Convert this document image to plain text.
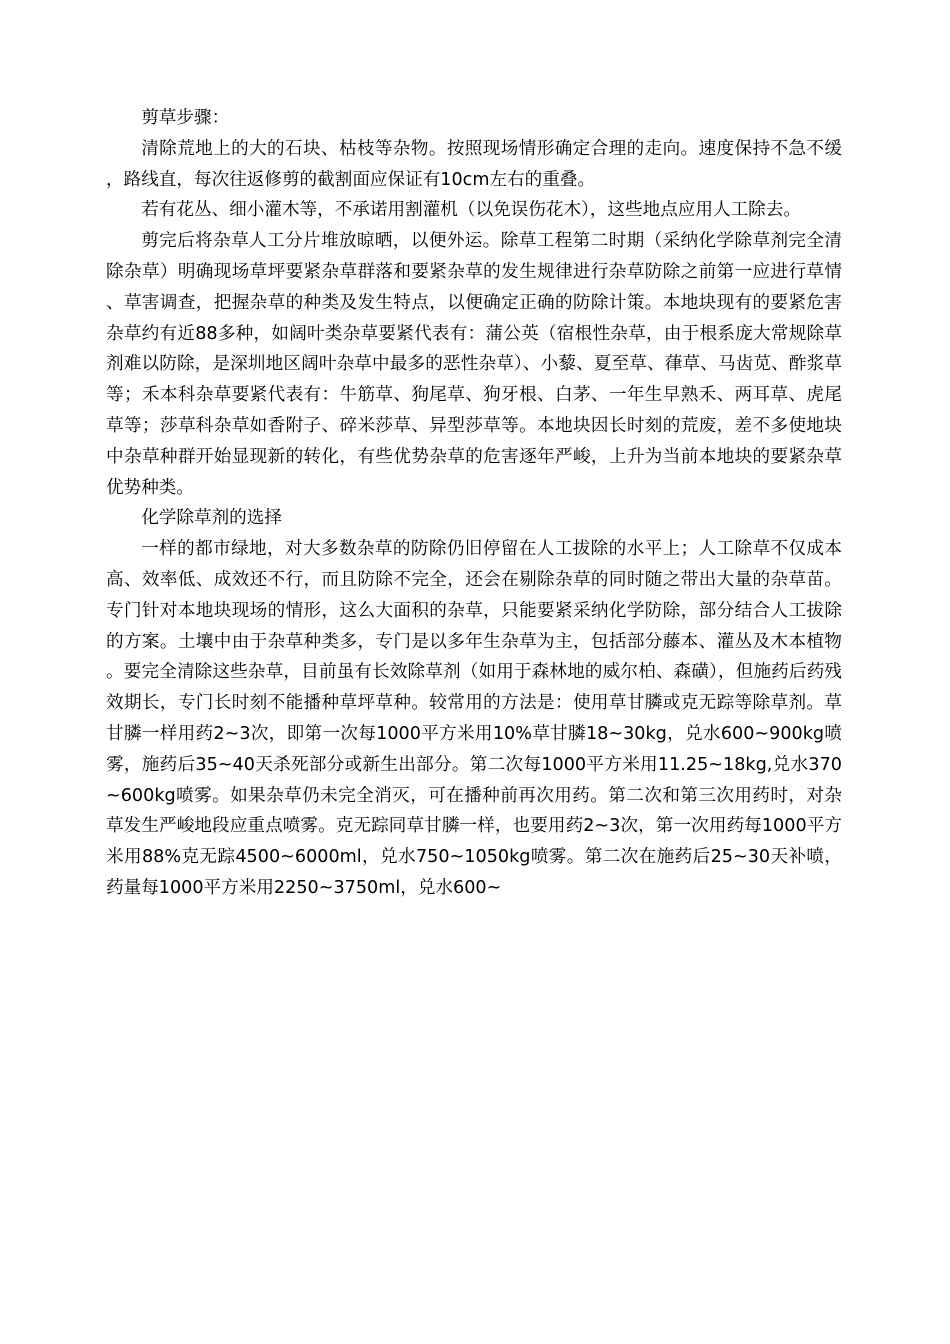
剪草步骤：

清除荒地上的大的石块、枯枝等杂物。按照现场情形确定合理的走向。速度保持不急不缓，路线直，每次往返修剪的截割面应保证有10cm左右的重叠。

若有花丛、细小灌木等，不承诺用割灌机（以免误伤花木），这些地点应用人工除去。

剪完后将杂草人工分片堆放晾晒，以便外运。除草工程第二时期（采纳化学除草剂完全清除杂草）明确现场草坪要紧杂草群落和要紧杂草的发生规律进行杂草防除之前第一应进行草情、草害调查，把握杂草的种类及发生特点，以便确定正确的防除计策。本地块现有的要紧危害杂草约有近88多种，如阔叶类杂草要紧代表有：蒲公英（宿根性杂草，由于根系庞大常规除草剂难以防除，是深圳地区阔叶杂草中最多的恶性杂草）、小藜、夏至草、葎草、马齿苋、酢浆草等；禾本科杂草要紧代表有：牛筋草、狗尾草、狗牙根、白茅、一年生早熟禾、两耳草、虎尾草等；莎草科杂草如香附子、碎米莎草、异型莎草等。本地块因长时刻的荒废，差不多使地块中杂草种群开始显现新的转化，有些优势杂草的危害逐年严峻，上升为当前本地块的要紧杂草优势种类。

化学除草剂的选择

一样的都市绿地，对大多数杂草的防除仍旧停留在人工拔除的水平上；人工除草不仅成本高、效率低、成效还不行，而且防除不完全，还会在剔除杂草的同时随之带出大量的杂草苗。专门针对本地块现场的情形，这么大面积的杂草，只能要紧采纳化学防除，部分结合人工拔除的方案。土壤中由于杂草种类多，专门是以多年生杂草为主，包括部分藤本、灌丛及木本植物。要完全清除这些杂草，目前虽有长效除草剂（如用于森林地的威尔柏、森磺），但施药后药残效期长，专门长时刻不能播种草坪草种。较常用的方法是：使用草甘膦或克无踪等除草剂。草甘膦一样用药2~3次，即第一次每1000平方米用10%草甘膦18~30kg，兑水600~900kg喷雾，施药后35~40天杀死部分或新生出部分。第二次每1000平方米用11.25~18kg,兑水370~600kg喷雾。如果杂草仍未完全消灭，可在播种前再次用药。第二次和第三次用药时，对杂草发生严峻地段应重点喷雾。克无踪同草甘膦一样，也要用药2~3次，第一次用药每1000平方米用88%克无踪4500~6000ml，兑水750~1050kg喷雾。第二次在施药后25~30天补喷，药量每1000平方米用2250~3750ml，兑水600~
